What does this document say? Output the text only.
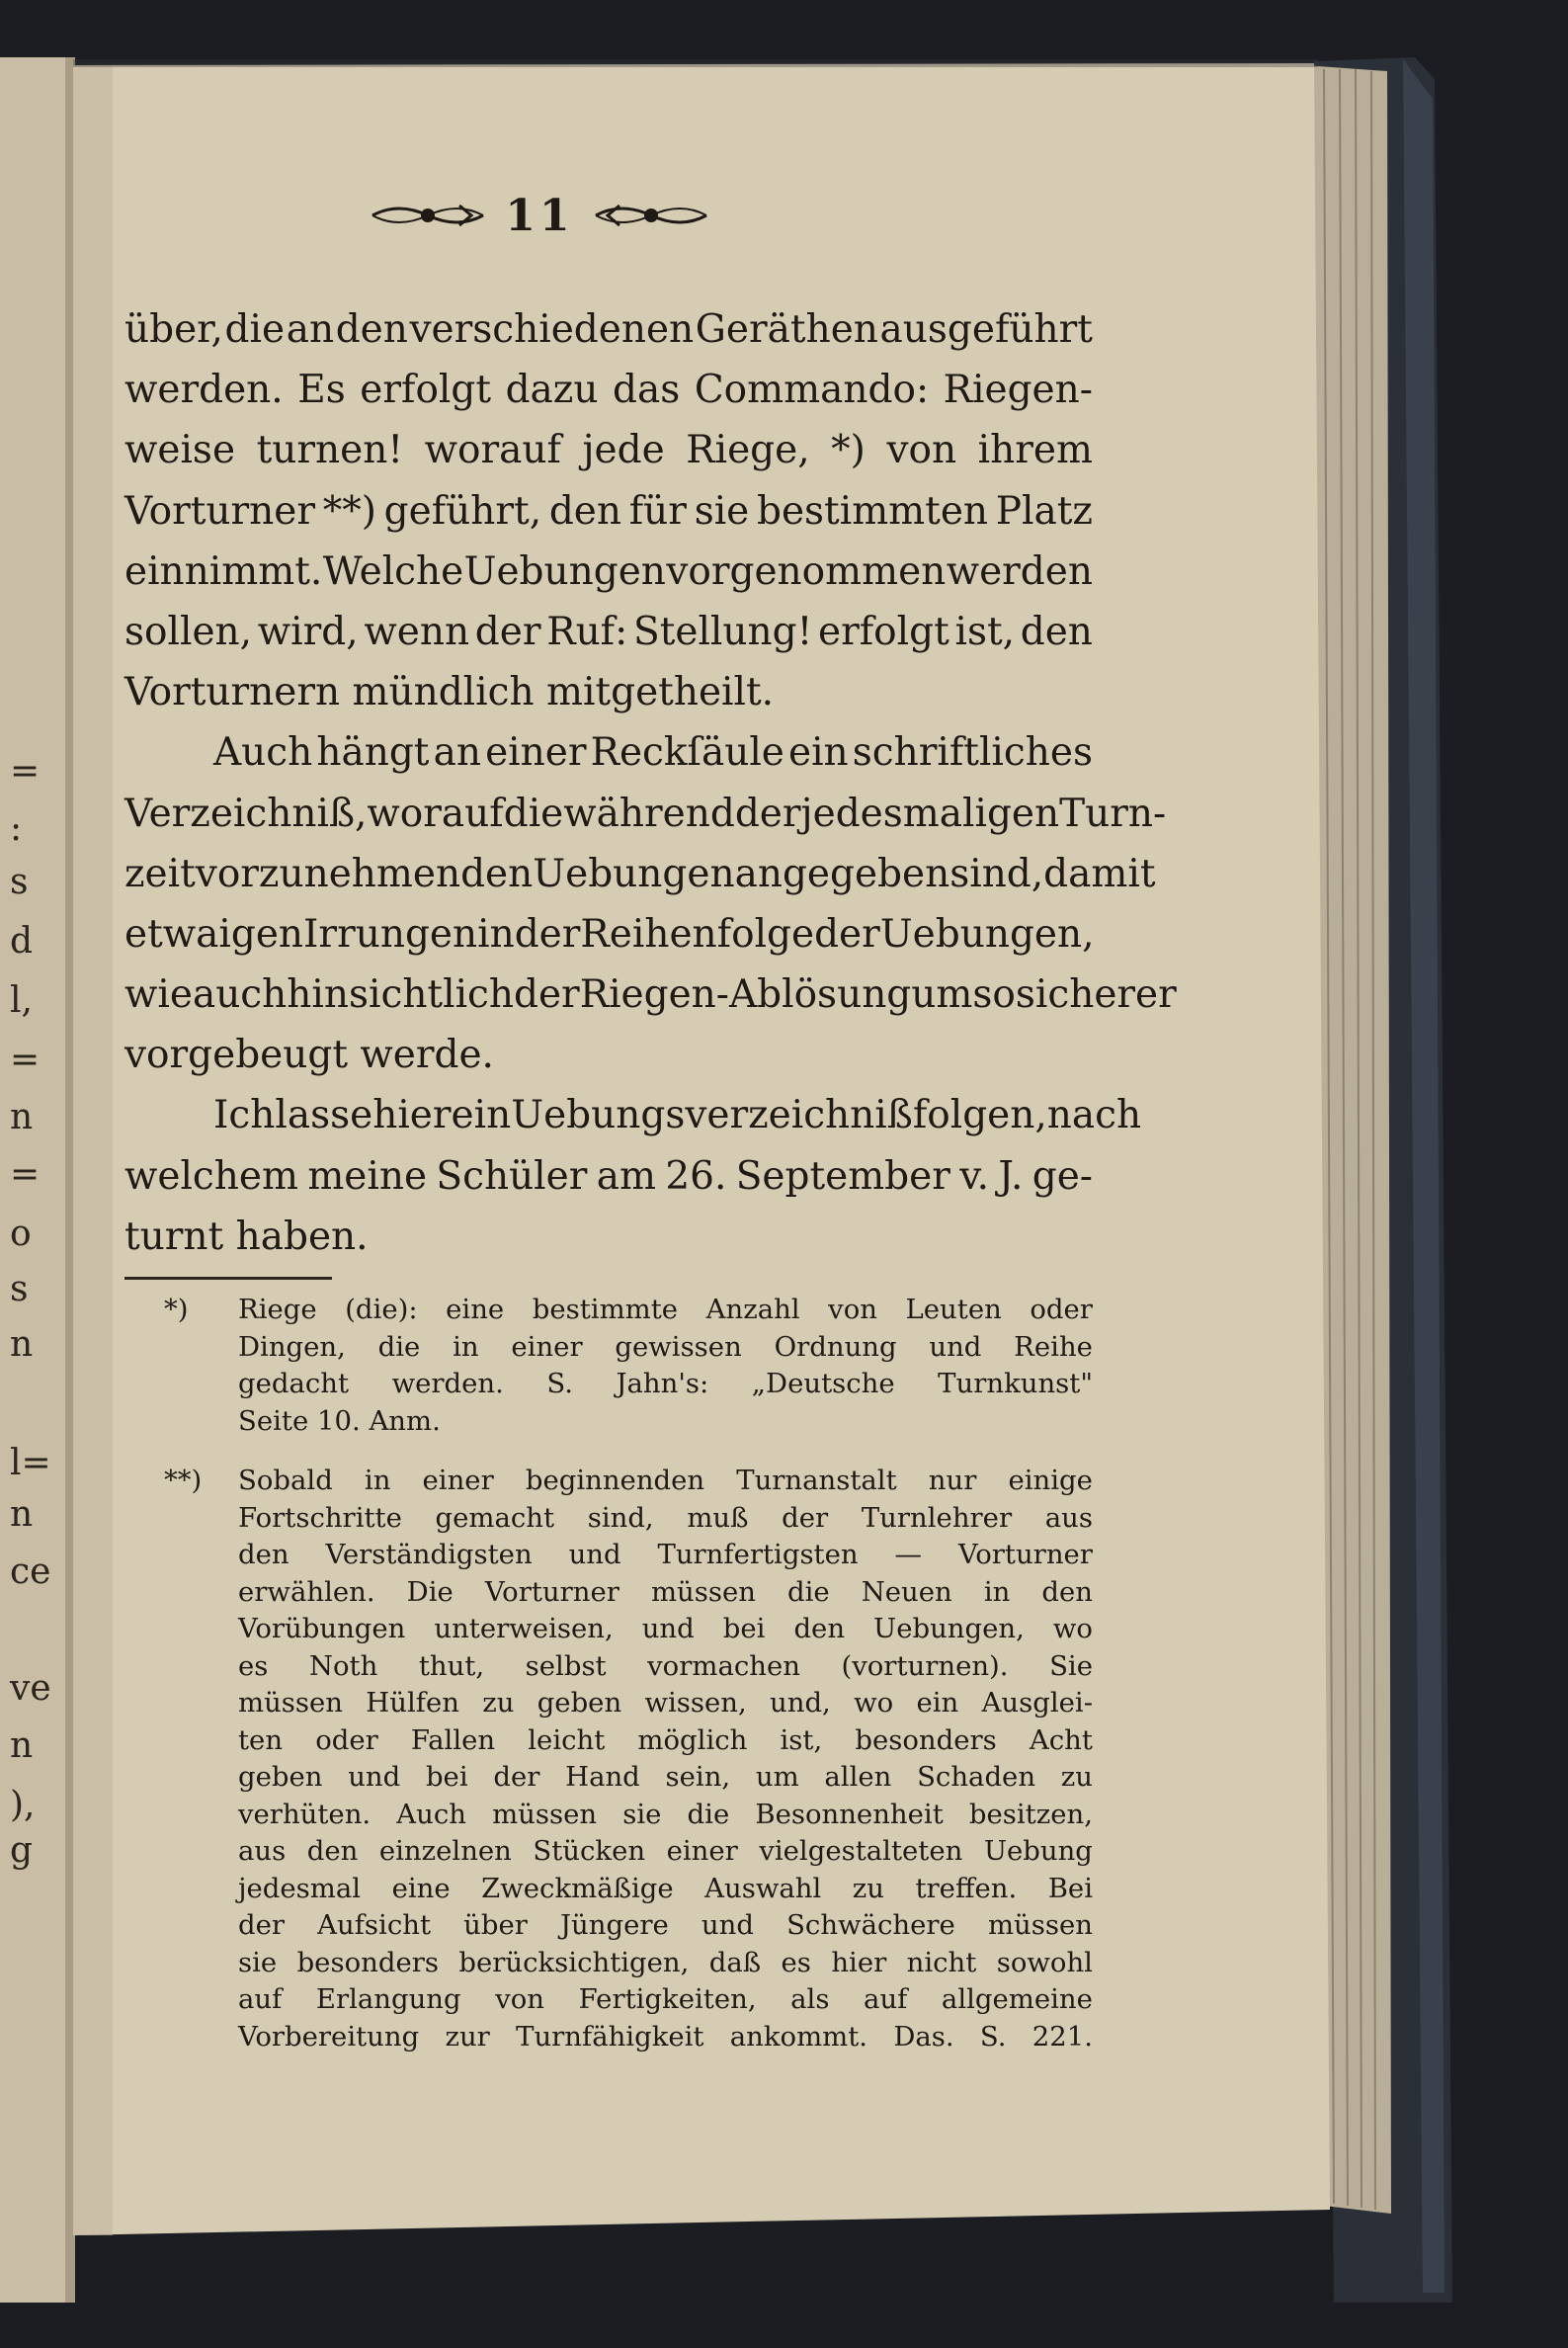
=
:
s
d
l,
=
n
=
o
s
n
l=
n
ce
ve
n
),
g
11
über, die an den verschiedenen Geräthen ausgeführt
werden. Es erfolgt dazu das Commando: Riegen-
weise turnen! worauf jede Riege, *) von ihrem
Vorturner **) geführt, den für sie bestimmten Platz
einnimmt. Welche Uebungen vorgenommen werden
sollen, wird, wenn der Ruf: Stellung! erfolgt ist, den
Vorturnern mündlich mitgetheilt.
Auch hängt an einer Reckſäule ein schriftliches
Verzeichniß, worauf die während der jedesmaligen Turn-
zeit vorzunehmenden Uebungen angegeben sind, damit
etwaigen Irrungen in der Reihenfolge der Uebungen,
wie auch hinsichtlich der Riegen-Ablösung um so sicherer
vorgebeugt werde.
Ich lasse hier ein Uebungsverzeichniß folgen, nach
welchem meine Schüler am 26. September v. J. ge-
turnt haben.
*) Riege (die): eine bestimmte Anzahl von Leuten oder
Dingen, die in einer gewissen Ordnung und Reihe
gedacht werden. S. Jahn's: „Deutsche Turnkunst"
Seite 10. Anm.
**) Sobald in einer beginnenden Turnanstalt nur einige
Fortschritte gemacht sind, muß der Turnlehrer aus
den Verständigsten und Turnfertigsten — Vorturner
erwählen. Die Vorturner müssen die Neuen in den
Vorübungen unterweisen, und bei den Uebungen, wo
es Noth thut, selbst vormachen (vorturnen). Sie
müssen Hülfen zu geben wissen, und, wo ein Ausglei-
ten oder Fallen leicht möglich ist, besonders Acht
geben und bei der Hand sein, um allen Schaden zu
verhüten. Auch müssen sie die Besonnenheit besitzen,
aus den einzelnen Stücken einer vielgestalteten Uebung
jedesmal eine Zweckmäßige Auswahl zu treffen. Bei
der Aufsicht über Jüngere und Schwächere müssen
sie besonders berücksichtigen, daß es hier nicht sowohl
auf Erlangung von Fertigkeiten, als auf allgemeine
Vorbereitung zur Turnfähigkeit ankommt. Das. S. 221.
